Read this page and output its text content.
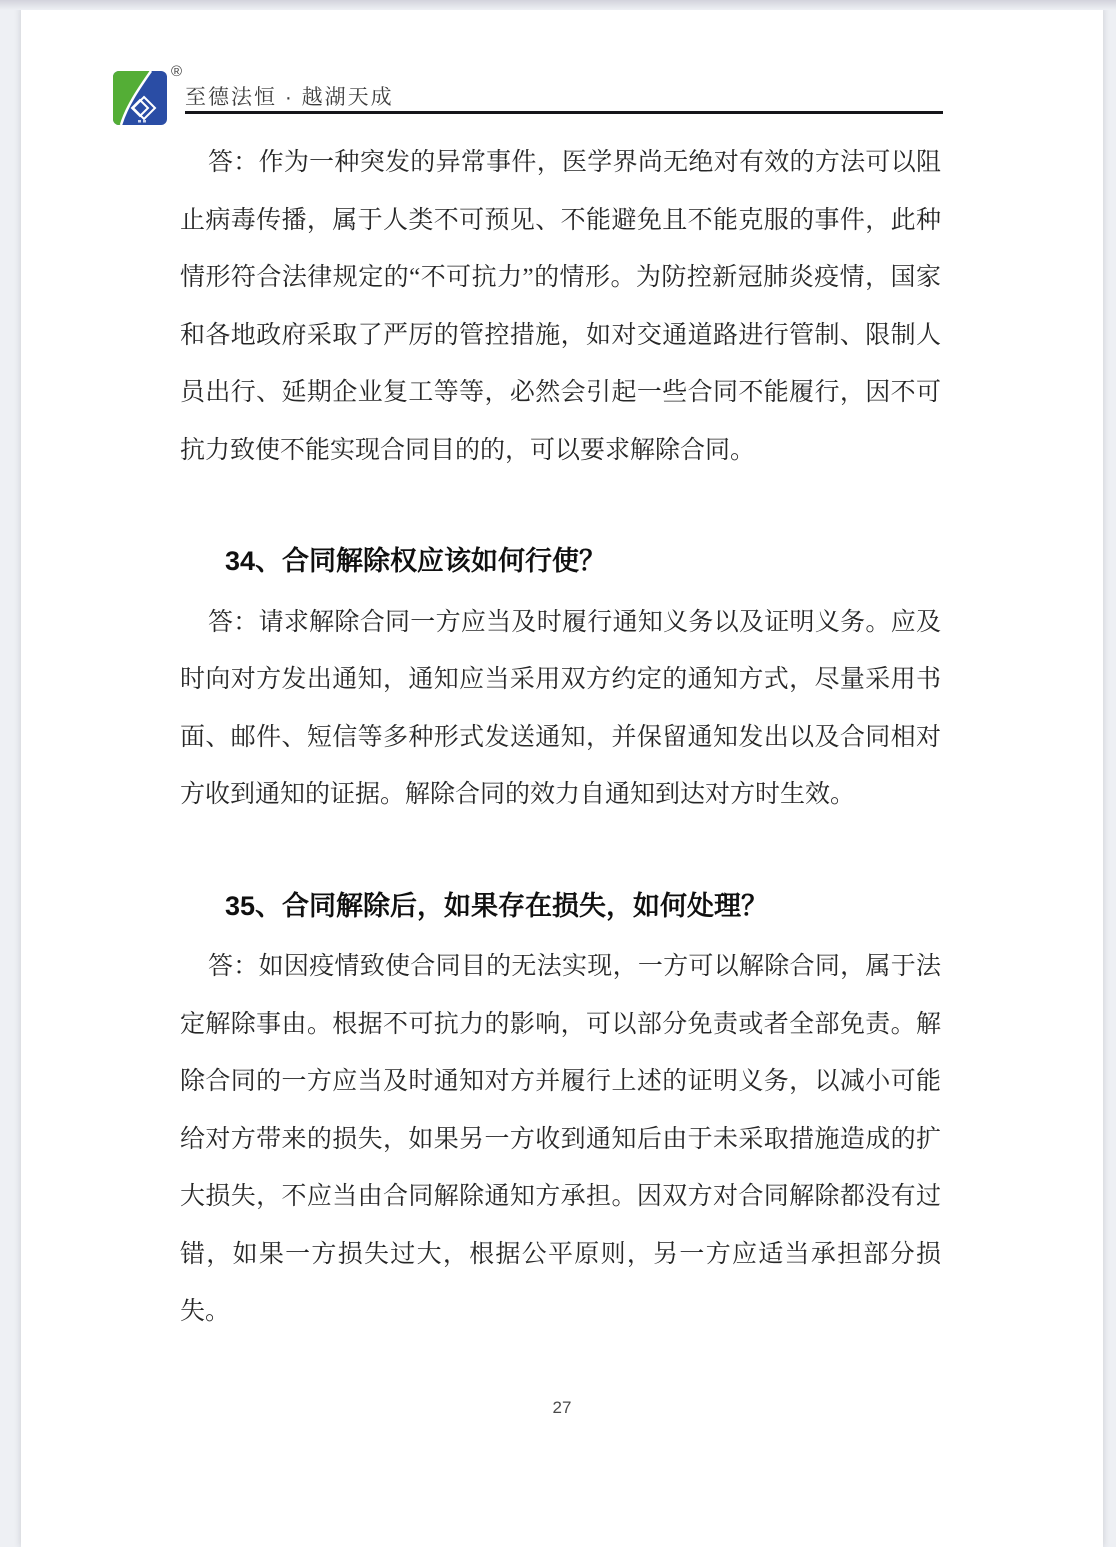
®
至德法恒 · 越湖天成

答：作为一种突发的异常事件，医学界尚无绝对有效的方法可以阻止病毒传播，属于人类不可预见、不能避免且不能克服的事件，此种情形符合法律规定的“不可抗力”的情形。为防控新冠肺炎疫情，国家和各地政府采取了严厉的管控措施，如对交通道路进行管制、限制人员出行、延期企业复工等等，必然会引起一些合同不能履行，因不可抗力致使不能实现合同目的的，可以要求解除合同。

34、合同解除权应该如何行使？

答：请求解除合同一方应当及时履行通知义务以及证明义务。应及时向对方发出通知，通知应当采用双方约定的通知方式，尽量采用书面、邮件、短信等多种形式发送通知，并保留通知发出以及合同相对方收到通知的证据。解除合同的效力自通知到达对方时生效。

35、合同解除后，如果存在损失，如何处理？

答：如因疫情致使合同目的无法实现，一方可以解除合同，属于法定解除事由。根据不可抗力的影响，可以部分免责或者全部免责。解除合同的一方应当及时通知对方并履行上述的证明义务，以减小可能给对方带来的损失，如果另一方收到通知后由于未采取措施造成的扩大损失，不应当由合同解除通知方承担。因双方对合同解除都没有过错，如果一方损失过大，根据公平原则，另一方应适当承担部分损失。

27
